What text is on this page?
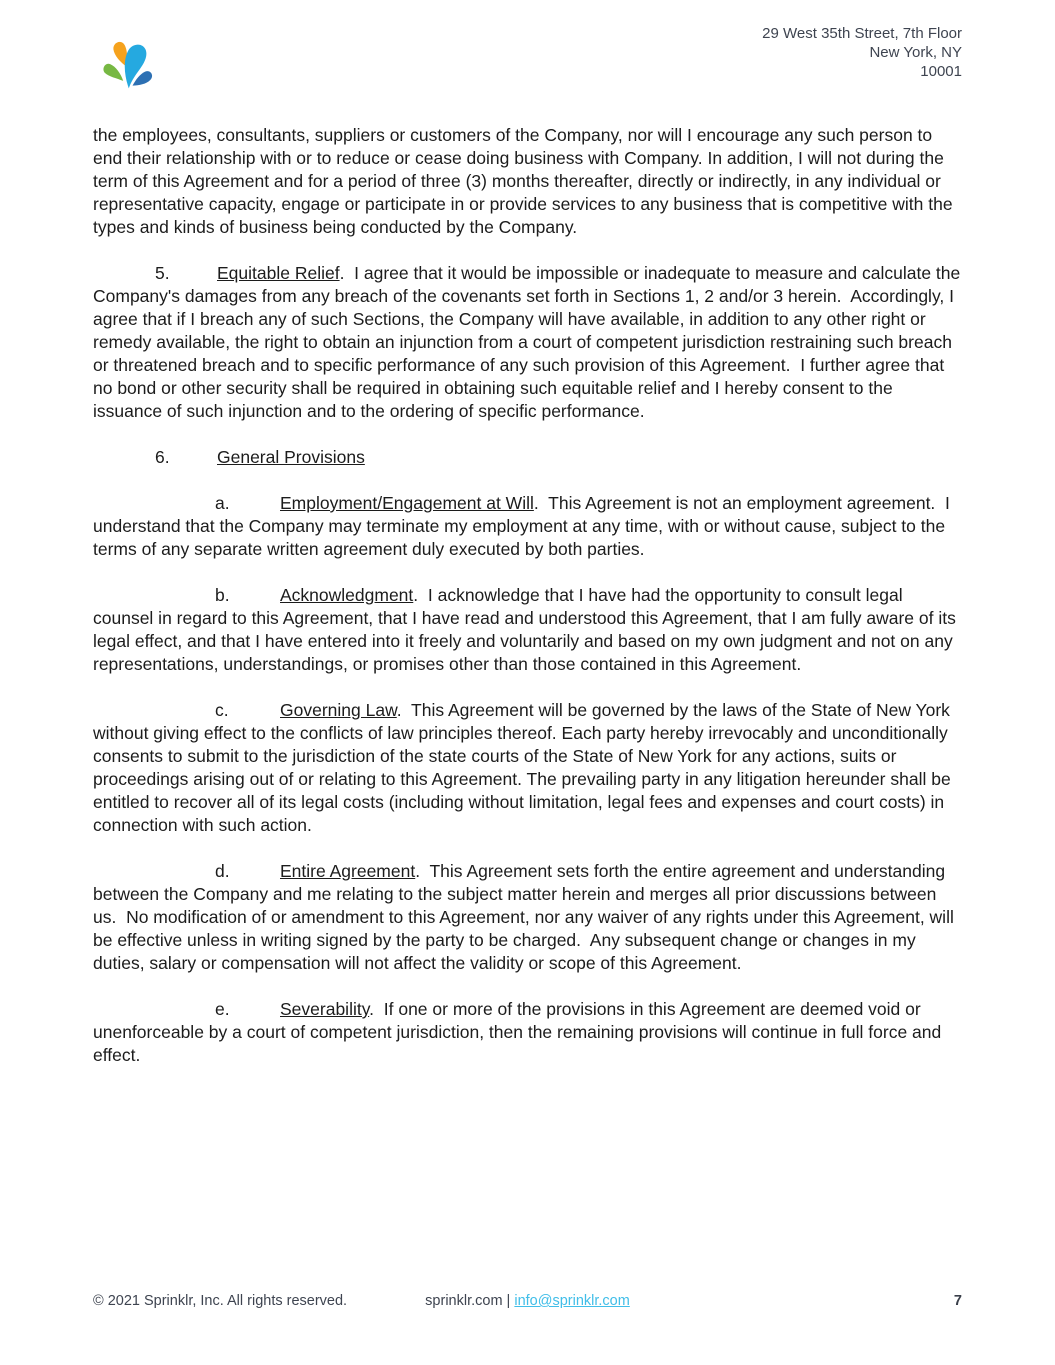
29 West 35th Street, 7th Floor
New York, NY
10001

the employees, consultants, suppliers or customers of the Company, nor will I encourage any such person to end their relationship with or to reduce or cease doing business with Company. In addition, I will not during the term of this Agreement and for a period of three (3) months thereafter, directly or indirectly, in any individual or representative capacity, engage or participate in or provide services to any business that is competitive with the types and kinds of business being conducted by the Company.

5.	Equitable Relief.  I agree that it would be impossible or inadequate to measure and calculate the Company's damages from any breach of the covenants set forth in Sections 1, 2 and/or 3 herein.  Accordingly, I agree that if I breach any of such Sections, the Company will have available, in addition to any other right or remedy available, the right to obtain an injunction from a court of competent jurisdiction restraining such breach or threatened breach and to specific performance of any such provision of this Agreement.  I further agree that no bond or other security shall be required in obtaining such equitable relief and I hereby consent to the issuance of such injunction and to the ordering of specific performance.

6.	General Provisions

a.	Employment/Engagement at Will.  This Agreement is not an employment agreement.  I understand that the Company may terminate my employment at any time, with or without cause, subject to the terms of any separate written agreement duly executed by both parties.

b.	Acknowledgment.  I acknowledge that I have had the opportunity to consult legal counsel in regard to this Agreement, that I have read and understood this Agreement, that I am fully aware of its legal effect, and that I have entered into it freely and voluntarily and based on my own judgment and not on any representations, understandings, or promises other than those contained in this Agreement.

c.	Governing Law.  This Agreement will be governed by the laws of the State of New York without giving effect to the conflicts of law principles thereof. Each party hereby irrevocably and unconditionally consents to submit to the jurisdiction of the state courts of the State of New York for any actions, suits or proceedings arising out of or relating to this Agreement. The prevailing party in any litigation hereunder shall be entitled to recover all of its legal costs (including without limitation, legal fees and expenses and court costs) in connection with such action.

d.	Entire Agreement.  This Agreement sets forth the entire agreement and understanding between the Company and me relating to the subject matter herein and merges all prior discussions between us.  No modification of or amendment to this Agreement, nor any waiver of any rights under this Agreement, will be effective unless in writing signed by the party to be charged.  Any subsequent change or changes in my duties, salary or compensation will not affect the validity or scope of this Agreement.

e.	Severability.  If one or more of the provisions in this Agreement are deemed void or unenforceable by a court of competent jurisdiction, then the remaining provisions will continue in full force and effect.

© 2021 Sprinklr, Inc. All rights reserved.	sprinklr.com | info@sprinklr.com	7
